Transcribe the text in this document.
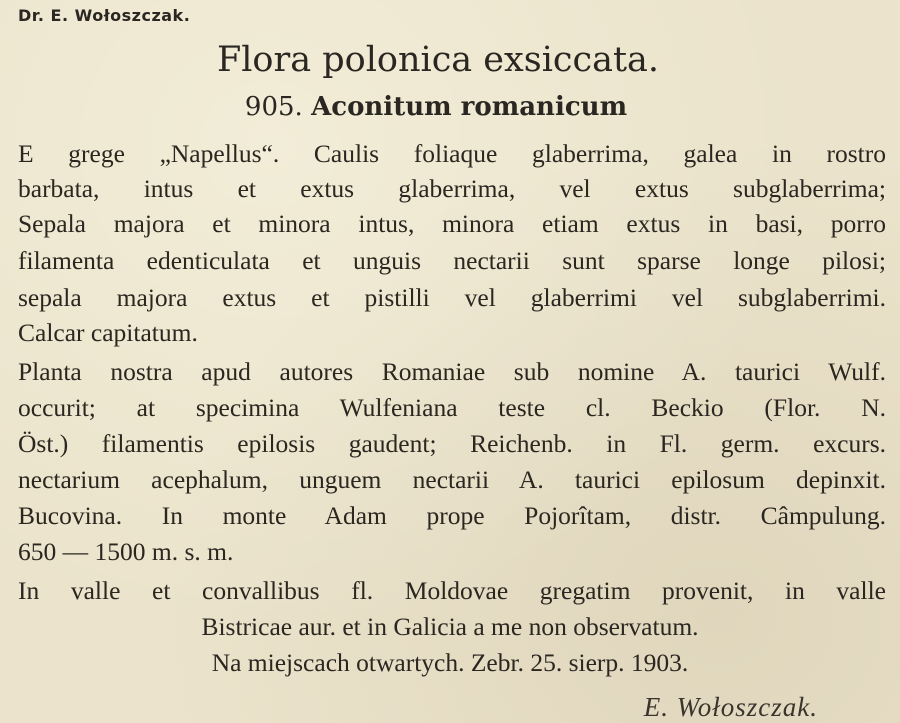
Dr. E. Wołoszczak.
Flora polonica exsiccata.
905. Aconitum romanicum
E grege „Napellus“. Caulis foliaque glaberrima, galea in rostro
barbata, intus et extus glaberrima, vel extus subglaberrima;
Sepala majora et minora intus, minora etiam extus in basi, porro
filamenta edenticulata et unguis nectarii sunt sparse longe pilosi;
sepala majora extus et pistilli vel glaberrimi vel subglaberrimi.
Calcar capitatum.
Planta nostra apud autores Romaniae sub nomine A. taurici Wulf.
occurit; at specimina Wulfeniana teste cl. Beckio (Flor. N.
Öst.) filamentis epilosis gaudent; Reichenb. in Fl. germ. excurs.
nectarium acephalum, unguem nectarii A. taurici epilosum depinxit.
Bucovina. In monte Adam prope Pojorîtam, distr. Câmpulung.
650 — 1500 m. s. m.
In valle et convallibus fl. Moldovae gregatim provenit, in valle
Bistricae aur. et in Galicia a me non observatum.
Na miejscach otwartych. Zebr. 25. sierp. 1903.
E. Wołoszczak.
